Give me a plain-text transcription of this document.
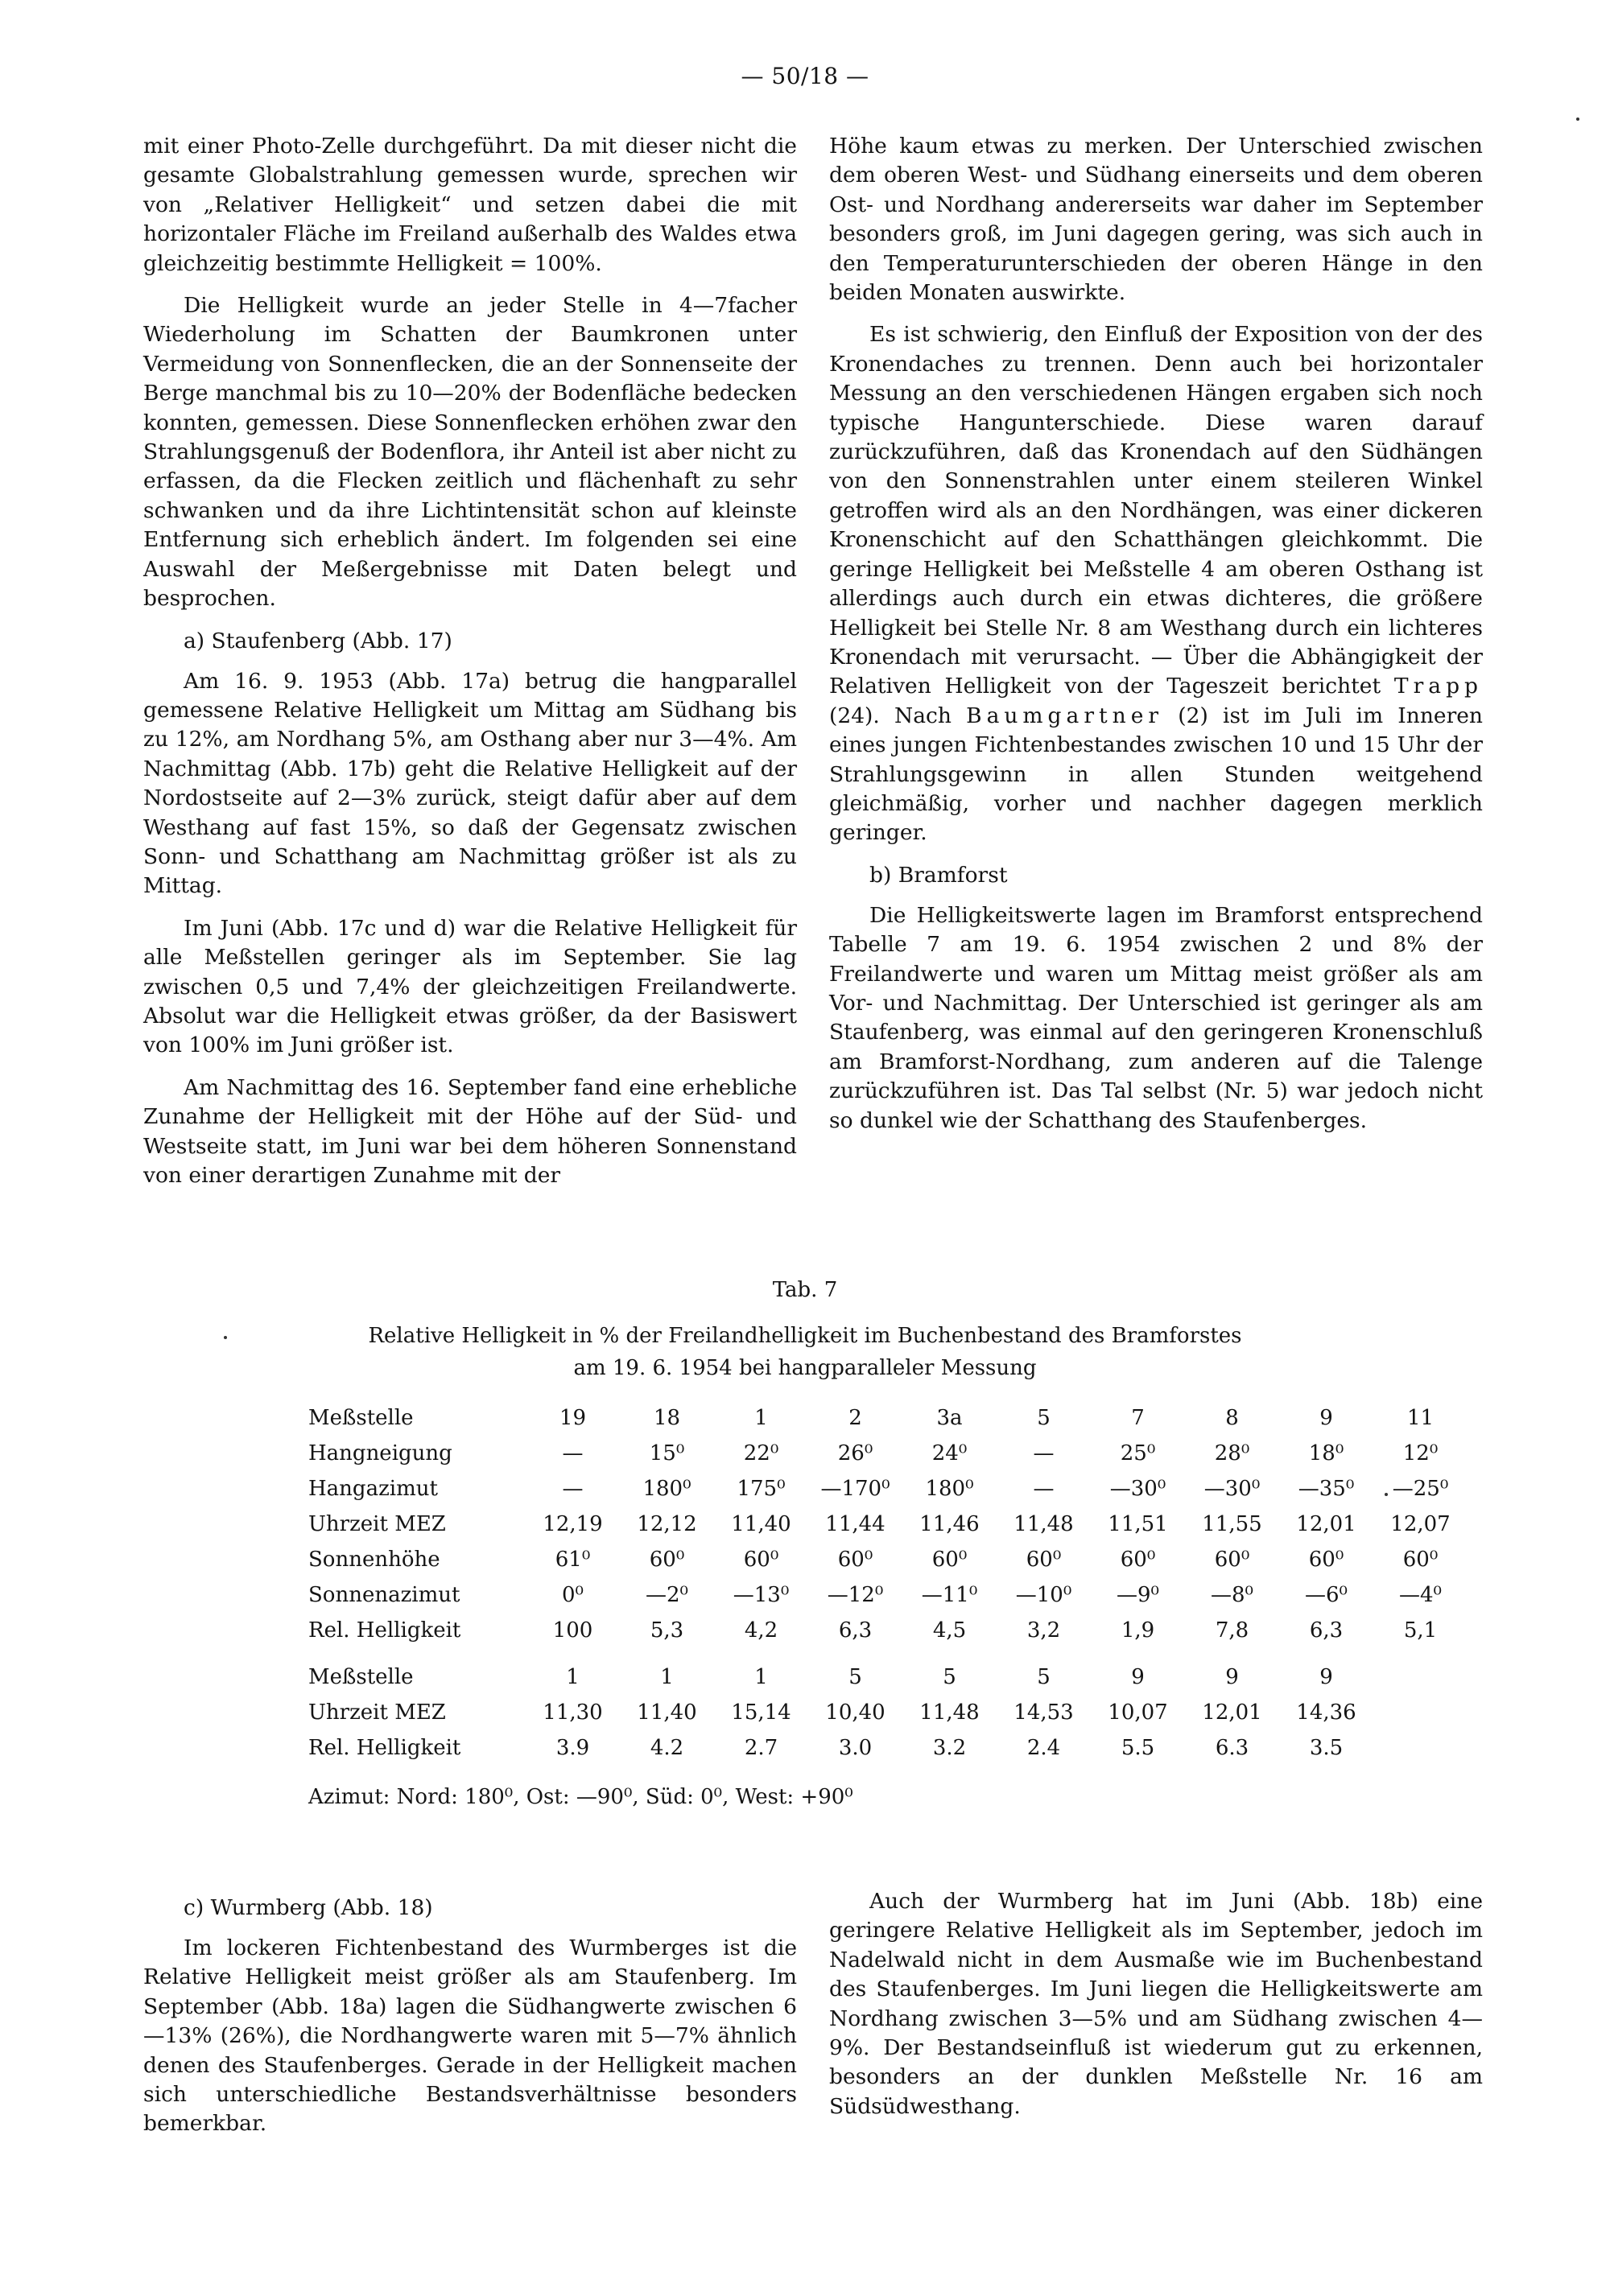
— 50/18 —

mit einer Photo-Zelle durchgeführt. Da mit dieser nicht die gesamte Globalstrahlung gemessen wurde, sprechen wir von „Relativer Helligkeit“ und setzen dabei die mit horizontaler Fläche im Freiland außerhalb des Waldes etwa gleichzeitig bestimmte Helligkeit = 100%.

Die Helligkeit wurde an jeder Stelle in 4—7facher Wiederholung im Schatten der Baumkronen unter Vermeidung von Sonnenflecken, die an der Sonnenseite der Berge manchmal bis zu 10—20% der Bodenfläche bedecken konnten, gemessen. Diese Sonnenflecken erhöhen zwar den Strahlungsgenuß der Bodenflora, ihr Anteil ist aber nicht zu erfassen, da die Flecken zeitlich und flächenhaft zu sehr schwanken und da ihre Lichtintensität schon auf kleinste Entfernung sich erheblich ändert. Im folgenden sei eine Auswahl der Meßergebnisse mit Daten belegt und besprochen.

a) Staufenberg (Abb. 17)

Am 16. 9. 1953 (Abb. 17a) betrug die hangparallel gemessene Relative Helligkeit um Mittag am Südhang bis zu 12%, am Nordhang 5%, am Osthang aber nur 3—4%. Am Nachmittag (Abb. 17b) geht die Relative Helligkeit auf der Nordostseite auf 2—3% zurück, steigt dafür aber auf dem Westhang auf fast 15%, so daß der Gegensatz zwischen Sonn- und Schatthang am Nachmittag größer ist als zu Mittag.

Im Juni (Abb. 17c und d) war die Relative Helligkeit für alle Meßstellen geringer als im September. Sie lag zwischen 0,5 und 7,4% der gleichzeitigen Freilandwerte. Absolut war die Helligkeit etwas größer, da der Basiswert von 100% im Juni größer ist.

Am Nachmittag des 16. September fand eine erhebliche Zunahme der Helligkeit mit der Höhe auf der Süd- und Westseite statt, im Juni war bei dem höheren Sonnenstand von einer derartigen Zunahme mit der

Höhe kaum etwas zu merken. Der Unterschied zwischen dem oberen West- und Südhang einerseits und dem oberen Ost- und Nordhang andererseits war daher im September besonders groß, im Juni dagegen gering, was sich auch in den Temperaturunterschieden der oberen Hänge in den beiden Monaten auswirkte.

Es ist schwierig, den Einfluß der Exposition von der des Kronendaches zu trennen. Denn auch bei horizontaler Messung an den verschiedenen Hängen ergaben sich noch typische Hangunterschiede. Diese waren darauf zurückzuführen, daß das Kronendach auf den Südhängen von den Sonnenstrahlen unter einem steileren Winkel getroffen wird als an den Nordhängen, was einer dickeren Kronenschicht auf den Schatthängen gleichkommt. Die geringe Helligkeit bei Meßstelle 4 am oberen Osthang ist allerdings auch durch ein etwas dichteres, die größere Helligkeit bei Stelle Nr. 8 am Westhang durch ein lichteres Kronendach mit verursacht. — Über die Abhängigkeit der Relativen Helligkeit von der Tageszeit berichtet Trapp (24). Nach Baumgartner (2) ist im Juli im Inneren eines jungen Fichtenbestandes zwischen 10 und 15 Uhr der Strahlungsgewinn in allen Stunden weitgehend gleichmäßig, vorher und nachher dagegen merklich geringer.

b) Bramforst

Die Helligkeitswerte lagen im Bramforst entsprechend Tabelle 7 am 19. 6. 1954 zwischen 2 und 8% der Freilandwerte und waren um Mittag meist größer als am Vor- und Nachmittag. Der Unterschied ist geringer als am Staufenberg, was einmal auf den geringeren Kronenschluß am Bramforst-Nordhang, zum anderen auf die Talenge zurückzuführen ist. Das Tal selbst (Nr. 5) war jedoch nicht so dunkel wie der Schatthang des Staufenberges.

Tab. 7
Relative Helligkeit in % der Freilandhelligkeit im Buchenbestand des Bramforstes
am 19. 6. 1954 bei hangparalleler Messung
Meßstelle	19	18	1	2	3a	5	7	8	9	11
Hangneigung	—	15⁰	22⁰	26⁰	24⁰	—	25⁰	28⁰	18⁰	12⁰
Hangazimut	—	180⁰	175⁰	—170⁰	180⁰	—	—30⁰	—30⁰	—35⁰	—25⁰
Uhrzeit MEZ	12,19	12,12	11,40	11,44	11,46	11,48	11,51	11,55	12,01	12,07
Sonnenhöhe	61⁰	60⁰	60⁰	60⁰	60⁰	60⁰	60⁰	60⁰	60⁰	60⁰
Sonnenazimut	0⁰	—2⁰	—13⁰	—12⁰	—11⁰	—10⁰	—9⁰	—8⁰	—6⁰	—4⁰
Rel. Helligkeit	100	5,3	4,2	6,3	4,5	3,2	1,9	7,8	6,3	5,1
Meßstelle	1	1	1	5	5	5	9	9	9
Uhrzeit MEZ	11,30	11,40	15,14	10,40	11,48	14,53	10,07	12,01	14,36
Rel. Helligkeit	3.9	4.2	2.7	3.0	3.2	2.4	5.5	6.3	3.5
Azimut: Nord: 180⁰, Ost: —90⁰, Süd: 0⁰, West: +90⁰
c) Wurmberg (Abb. 18)

Im lockeren Fichtenbestand des Wurmberges ist die Relative Helligkeit meist größer als am Staufenberg. Im September (Abb. 18a) lagen die Südhangwerte zwischen 6—13% (26%), die Nordhangwerte waren mit 5—7% ähnlich denen des Staufenberges. Gerade in der Helligkeit machen sich unterschiedliche Bestandsverhältnisse besonders bemerkbar.

Auch der Wurmberg hat im Juni (Abb. 18b) eine geringere Relative Helligkeit als im September, jedoch im Nadelwald nicht in dem Ausmaße wie im Buchenbestand des Staufenberges. Im Juni liegen die Helligkeitswerte am Nordhang zwischen 3—5% und am Südhang zwischen 4—9%. Der Bestandseinfluß ist wiederum gut zu erkennen, besonders an der dunklen Meßstelle Nr. 16 am Südsüdwesthang.
